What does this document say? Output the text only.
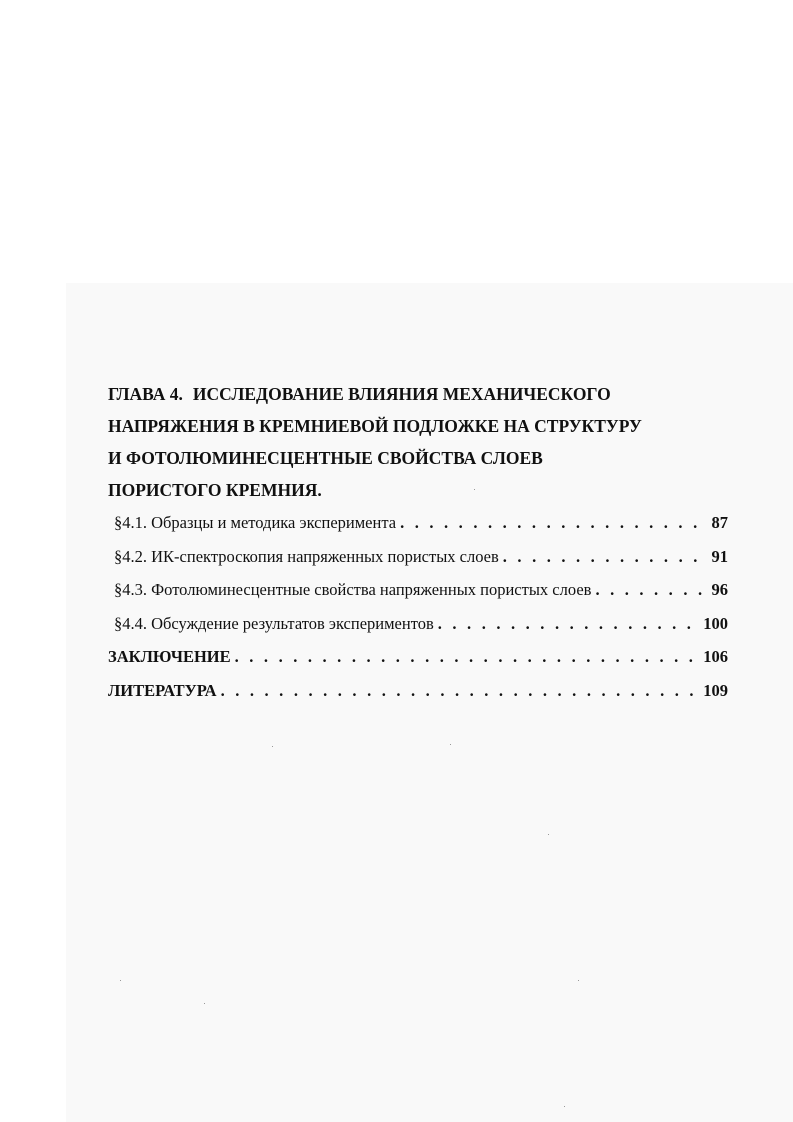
ГЛАВА 4. ИССЛЕДОВАНИЕ ВЛИЯНИЯ МЕХАНИЧЕСКОГО
НАПРЯЖЕНИЯ В КРЕМНИЕВОЙ ПОДЛОЖКЕ НА СТРУКТУРУ
И ФОТОЛЮМИНЕСЦЕНТНЫЕ СВОЙСТВА СЛОЕВ
ПОРИСТОГО КРЕМНИЯ.
§4.1. Образцы и методика эксперимента . . .	87
§4.2. ИК-спектроскопия напряженных пористых слоев . . .	91
§4.3. Фотолюминесцентные свойства напряженных пористых слоев . . .	96
§4.4. Обсуждение результатов экспериментов . . .	100
ЗАКЛЮЧЕНИЕ . . .	106
ЛИТЕРАТУРА . . .	109
